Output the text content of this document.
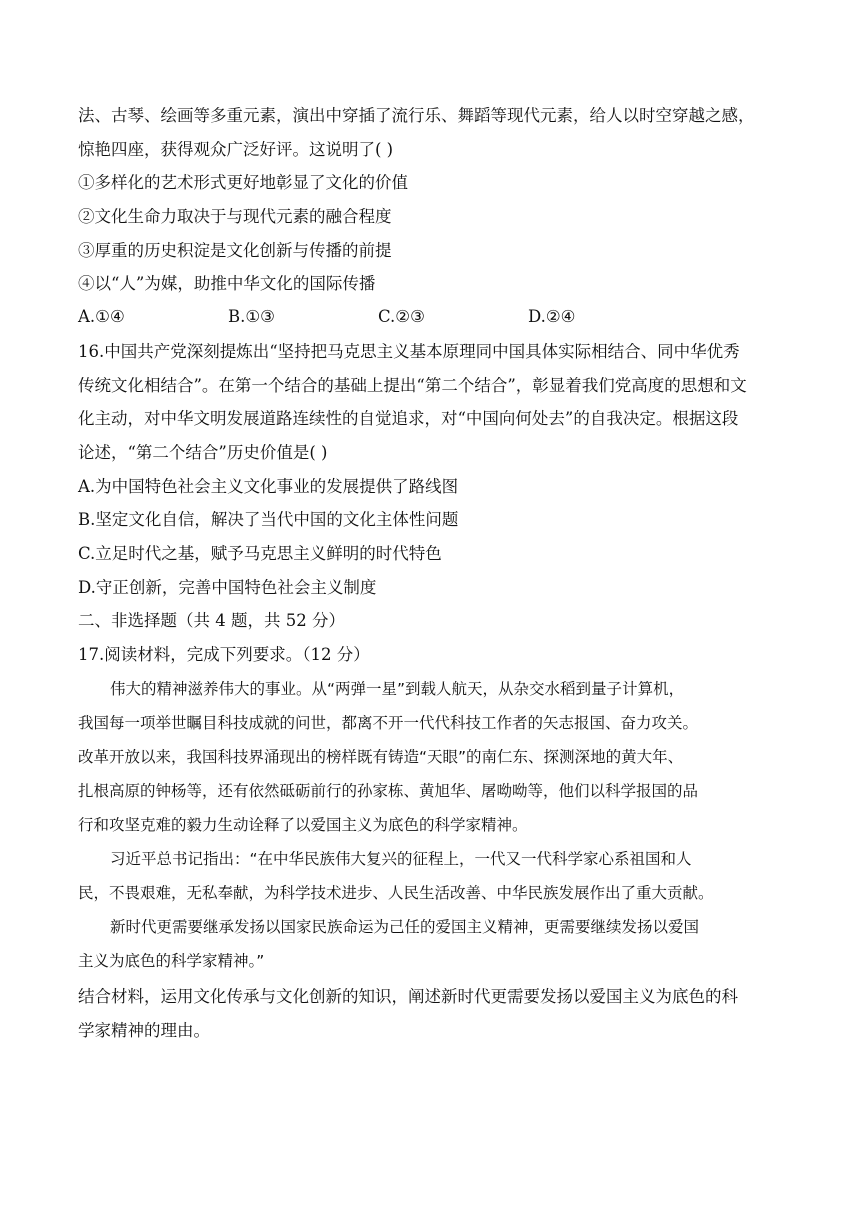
法、古琴、绘画等多重元素，演出中穿插了流行乐、舞蹈等现代元素，给人以时空穿越之感，
惊艳四座，获得观众广泛好评。这说明了( )
①多样化的艺术形式更好地彰显了文化的价值
②文化生命力取决于与现代元素的融合程度
③厚重的历史积淀是文化创新与传播的前提
④以“人”为媒，助推中华文化的国际传播
A.①④	B.①③	C.②③	D.②④
16.中国共产党深刻提炼出“坚持把马克思主义基本原理同中国具体实际相结合、同中华优秀
传统文化相结合”。在第一个结合的基础上提出“第二个结合”，彰显着我们党高度的思想和文
化主动，对中华文明发展道路连续性的自觉追求，对“中国向何处去”的自我决定。根据这段
论述，“第二个结合”历史价值是( )
A.为中国特色社会主义文化事业的发展提供了路线图
B.坚定文化自信，解决了当代中国的文化主体性问题
C.立足时代之基，赋予马克思主义鲜明的时代特色
D.守正创新，完善中国特色社会主义制度
二、非选择题（共 4 题，共 52 分）
17.阅读材料，完成下列要求。（12 分）
伟大的精神滋养伟大的事业。从“两弹一星”到载人航天，从杂交水稻到量子计算机，
我国每一项举世瞩目科技成就的问世，都离不开一代代科技工作者的矢志报国、奋力攻关。
改革开放以来，我国科技界涌现出的榜样既有铸造“天眼”的南仁东、探测深地的黄大年、
扎根高原的钟杨等，还有依然砥砺前行的孙家栋、黄旭华、屠呦呦等，他们以科学报国的品
行和攻坚克难的毅力生动诠释了以爱国主义为底色的科学家精神。
习近平总书记指出：“在中华民族伟大复兴的征程上，一代又一代科学家心系祖国和人
民，不畏艰难，无私奉献，为科学技术进步、人民生活改善、中华民族发展作出了重大贡献。
新时代更需要继承发扬以国家民族命运为己任的爱国主义精神，更需要继续发扬以爱国
主义为底色的科学家精神。”
结合材料，运用文化传承与文化创新的知识，阐述新时代更需要发扬以爱国主义为底色的科
学家精神的理由。
